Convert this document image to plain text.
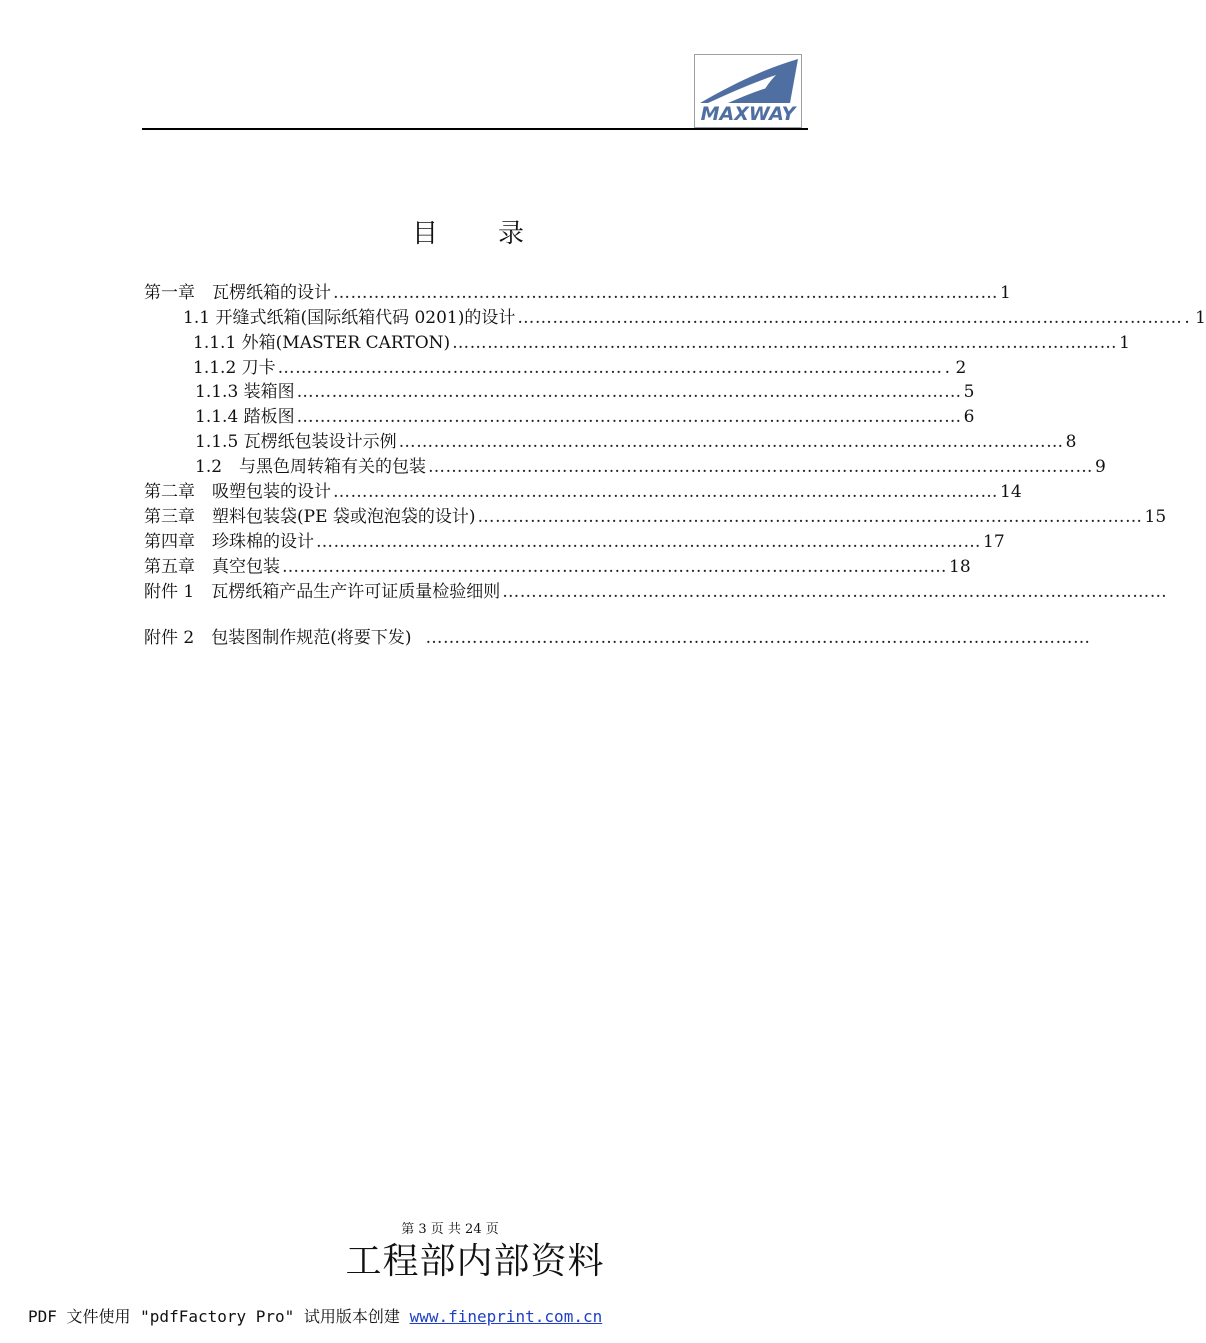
MAXWAY
目 录
第一章　瓦楞纸箱的设计 …………………………………………………………………………………………………… 1
1.1 开缝式纸箱(国际纸箱代码 0201)的设计 …………………………………………………………………………………………………… . 1
1.1.1 外箱(MASTER CARTON) …………………………………………………………………………………………………… 1
1.1.2 刀卡 …………………………………………………………………………………………………… . 2
1.1.3 装箱图 …………………………………………………………………………………………………… 5
1.1.4 踏板图 …………………………………………………………………………………………………… 6
1.1.5 瓦楞纸包装设计示例 …………………………………………………………………………………………………… 8
1.2　与黑色周转箱有关的包装 …………………………………………………………………………………………………… 9
第二章　吸塑包装的设计 …………………………………………………………………………………………………… 14
第三章　塑料包装袋(PE 袋或泡泡袋的设计) …………………………………………………………………………………………………… 15
第四章　珍珠棉的设计 …………………………………………………………………………………………………… 17
第五章　真空包装 …………………………………………………………………………………………………… 18
附件 1　瓦楞纸箱产品生产许可证质量检验细则 ……………………………………………………………………………………………………
附件 2　包装图制作规范(将要下发) ……………………………………………………………………………………………………
第 3 页 共 24 页
工程部内部资料
PDF 文件使用 "pdfFactory Pro" 试用版本创建 www.fineprint.com.cn
